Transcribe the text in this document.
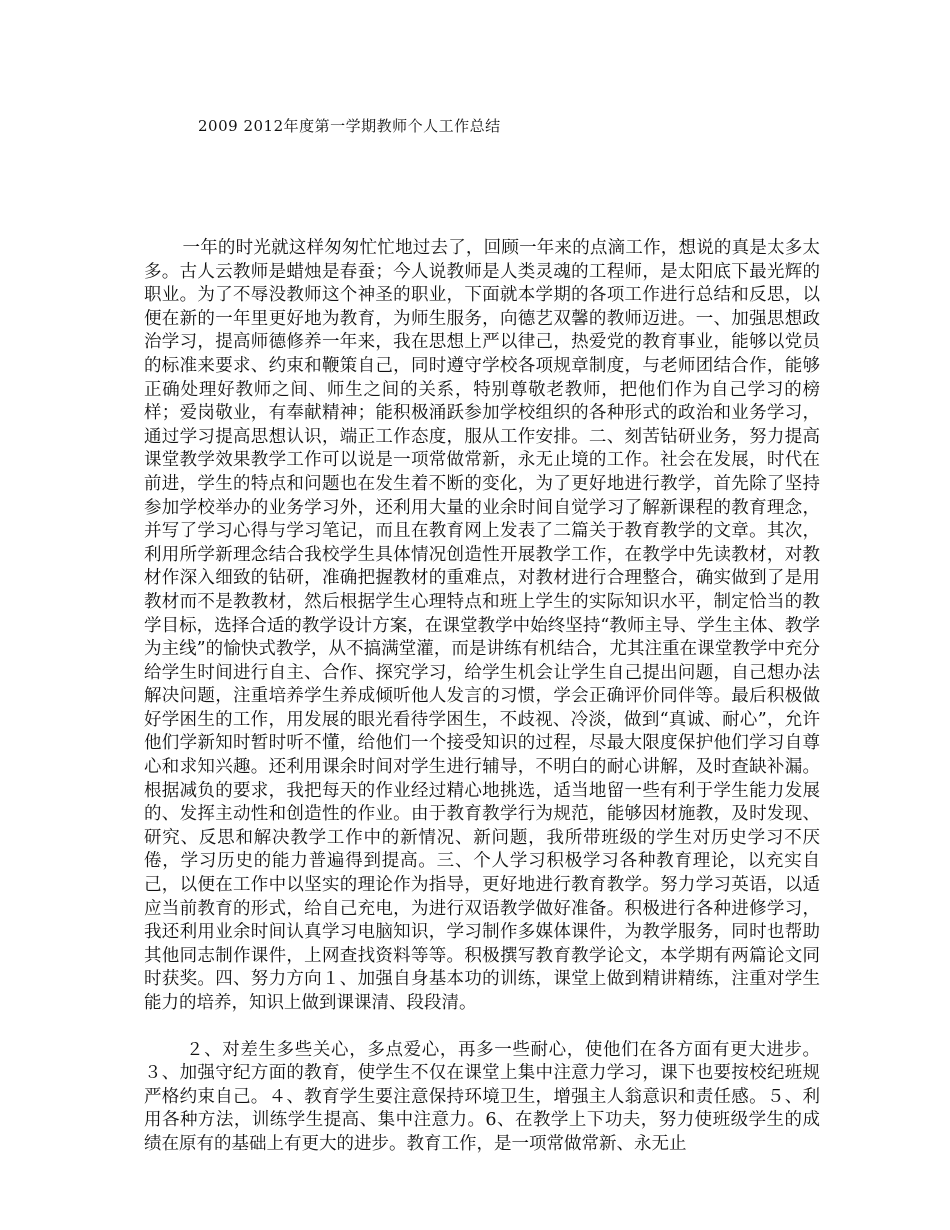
2009 2012年度第一学期教师个人工作总结

一年的时光就这样匆匆忙忙地过去了，回顾一年来的点滴工作，想说的真是太多太多。古人云教师是蜡烛是春蚕；今人说教师是人类灵魂的工程师，是太阳底下最光辉的职业。为了不辱没教师这个神圣的职业，下面就本学期的各项工作进行总结和反思，以便在新的一年里更好地为教育，为师生服务，向德艺双馨的教师迈进。一、加强思想政治学习，提高师德修养一年来，我在思想上严以律己，热爱党的教育事业，能够以党员的标准来要求、约束和鞭策自己，同时遵守学校各项规章制度，与老师团结合作，能够正确处理好教师之间、师生之间的关系，特别尊敬老教师，把他们作为自己学习的榜样；爱岗敬业，有奉献精神；能积极涌跃参加学校组织的各种形式的政治和业务学习，通过学习提高思想认识，端正工作态度，服从工作安排。二、刻苦钻研业务，努力提高课堂教学效果教学工作可以说是一项常做常新，永无止境的工作。社会在发展，时代在前进，学生的特点和问题也在发生着不断的变化，为了更好地进行教学，首先除了坚持参加学校举办的业务学习外，还利用大量的业余时间自觉学习了解新课程的教育理念，并写了学习心得与学习笔记，而且在教育网上发表了二篇关于教育教学的文章。其次，利用所学新理念结合我校学生具体情况创造性开展教学工作，在教学中先读教材，对教材作深入细致的钻研，准确把握教材的重难点，对教材进行合理整合，确实做到了是用教材而不是教教材，然后根据学生心理特点和班上学生的实际知识水平，制定恰当的教学目标，选择合适的教学设计方案，在课堂教学中始终坚持“教师主导、学生主体、教学为主线”的愉快式教学，从不搞满堂灌，而是讲练有机结合，尤其注重在课堂教学中充分给学生时间进行自主、合作、探究学习，给学生机会让学生自己提出问题，自己想办法解决问题，注重培养学生养成倾听他人发言的习惯，学会正确评价同伴等。最后积极做好学困生的工作，用发展的眼光看待学困生，不歧视、冷淡，做到“真诚、耐心”，允许他们学新知时暂时听不懂，给他们一个接受知识的过程，尽最大限度保护他们学习自尊心和求知兴趣。还利用课余时间对学生进行辅导，不明白的耐心讲解，及时查缺补漏。根据减负的要求，我把每天的作业经过精心地挑选，适当地留一些有利于学生能力发展的、发挥主动性和创造性的作业。由于教育教学行为规范，能够因材施教，及时发现、研究、反思和解决教学工作中的新情况、新问题，我所带班级的学生对历史学习不厌倦，学习历史的能力普遍得到提高。三、个人学习积极学习各种教育理论，以充实自己，以便在工作中以坚实的理论作为指导，更好地进行教育教学。努力学习英语，以适应当前教育的形式，给自己充电，为进行双语教学做好准备。积极进行各种进修学习，我还利用业余时间认真学习电脑知识，学习制作多媒体课件，为教学服务，同时也帮助其他同志制作课件，上网查找资料等等。积极撰写教育教学论文，本学期有两篇论文同时获奖。四、努力方向１、加强自身基本功的训练，课堂上做到精讲精练，注重对学生能力的培养，知识上做到课课清、段段清。

２、对差生多些关心，多点爱心，再多一些耐心，使他们在各方面有更大进步。３、加强守纪方面的教育，使学生不仅在课堂上集中注意力学习，课下也要按校纪班规严格约束自己。４、教育学生要注意保持环境卫生，增强主人翁意识和责任感。５、利用各种方法，训练学生提高、集中注意力。6、在教学上下功夫，努力使班级学生的成绩在原有的基础上有更大的进步。教育工作，是一项常做常新、永无止
